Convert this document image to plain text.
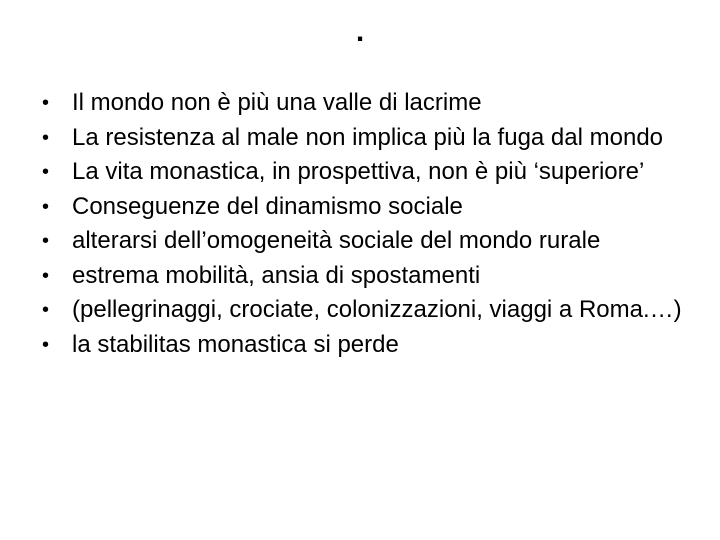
.
• Il mondo non è più una valle di lacrime
• La resistenza al male non implica più la fuga dal mondo
• La vita monastica, in prospettiva, non è più ‘superiore’
• Conseguenze del dinamismo sociale
• alterarsi dell’omogeneità sociale del mondo rurale
• estrema mobilità, ansia di spostamenti
• (pellegrinaggi, crociate, colonizzazioni, viaggi a Roma.…)
• la stabilitas monastica si perde
